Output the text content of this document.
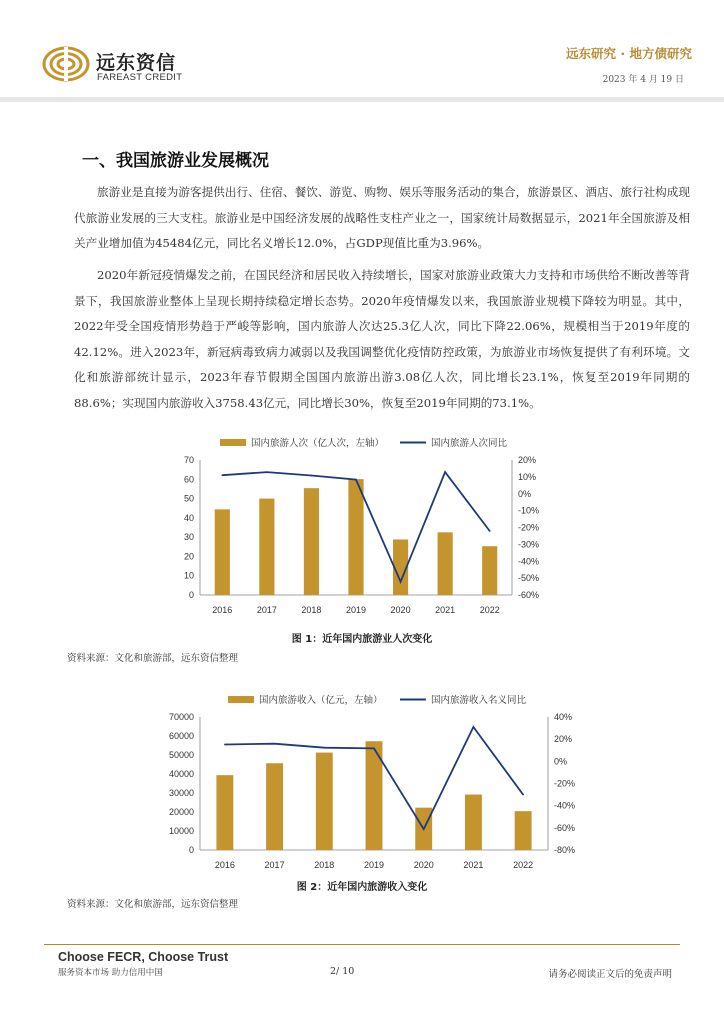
远东资信
FAREAST CREDIT
远东研究 · 地方债研究
2023 年 4 月 19 日
一、我国旅游业发展概况

旅游业是直接为游客提供出行、住宿、餐饮、游览、购物、娱乐等服务活动的集合，旅游景区、酒店、旅行社构成现代旅游业发展的三大支柱。旅游业是中国经济发展的战略性支柱产业之一，国家统计局数据显示，2021年全国旅游及相关产业增加值为45484亿元，同比名义增长12.0%，占GDP现值比重为3.96%。

2020年新冠疫情爆发之前，在国民经济和居民收入持续增长，国家对旅游业政策大力支持和市场供给不断改善等背景下，我国旅游业整体上呈现长期持续稳定增长态势。2020年疫情爆发以来，我国旅游业规模下降较为明显。其中，2022年受全国疫情形势趋于严峻等影响，国内旅游人次达25.3亿人次，同比下降22.06%，规模相当于2019年度的42.12%。进入2023年，新冠病毒致病力减弱以及我国调整优化疫情防控政策，为旅游业市场恢复提供了有利环境。文化和旅游部统计显示，2023年春节假期全国国内旅游出游3.08亿人次，同比增长23.1%，恢复至2019年同期的88.6%；实现国内旅游收入3758.43亿元，同比增长30%，恢复至2019年同期的73.1%。

国内旅游人次（亿人次，左轴）	国内旅游人次同比
0
10
20
30
40
50
60
70
-60%
-50%
-40%
-30%
-20%
-10%
0%
10%
20%
2016	2017	2018	2019	2020	2021	2022
图 1：近年国内旅游业人次变化
资料来源：文化和旅游部，远东资信整理
国内旅游收入（亿元，左轴）	国内旅游收入名义同比
0
10000
20000
30000
40000
50000
60000
70000
-80%
-60%
-40%
-20%
0%
20%
40%
2016	2017	2018	2019	2020	2021	2022
图 2：近年国内旅游收入变化
资料来源：文化和旅游部，远东资信整理
Choose FECR, Choose Trust
服务资本市场 助力信用中国	2/ 10	请务必阅读正文后的免责声明
